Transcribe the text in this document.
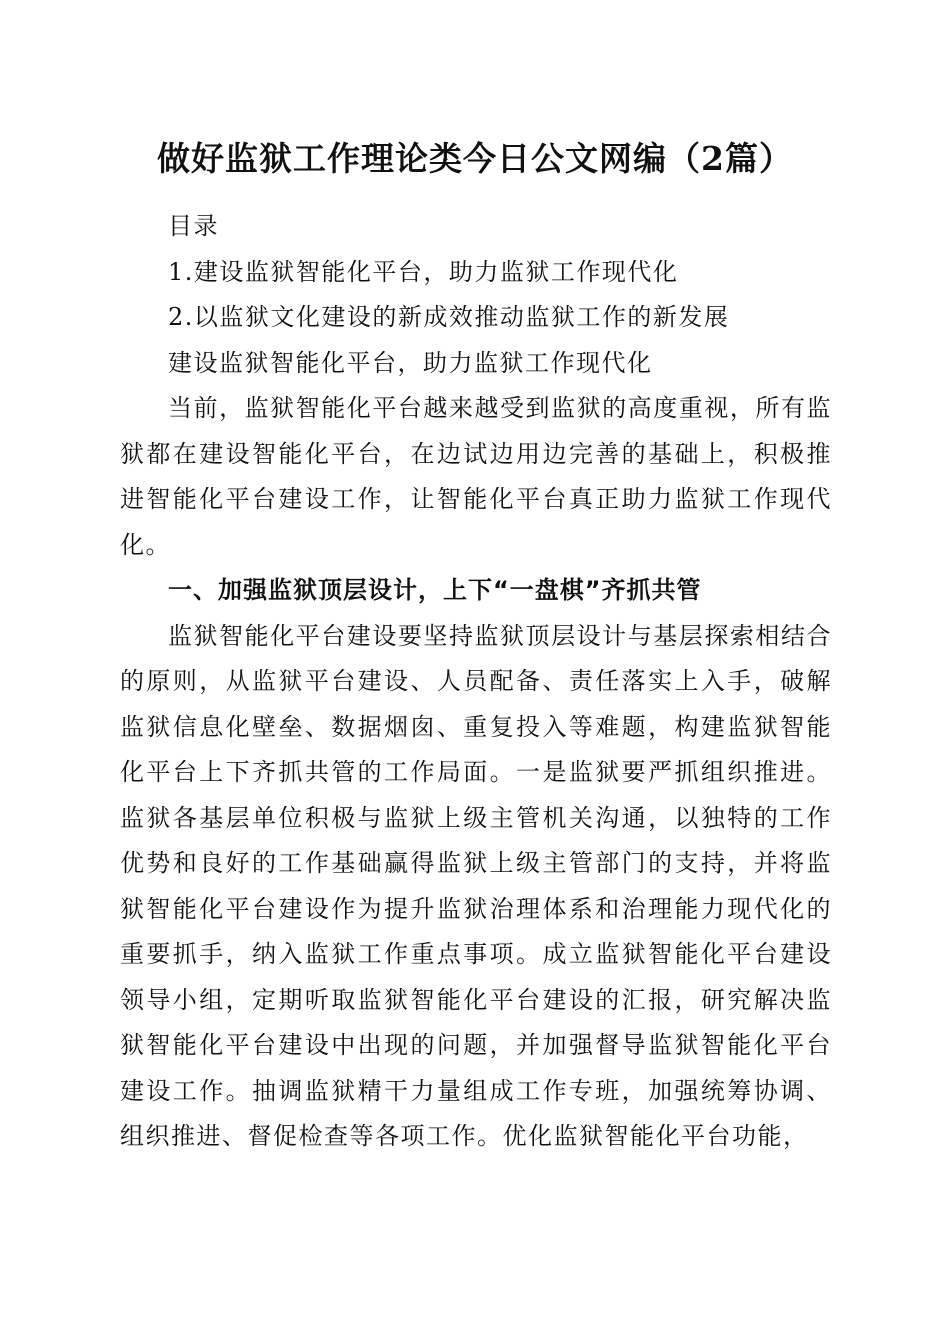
做好监狱工作理论类今日公文网编（2篇）

目录

1.建设监狱智能化平台，助力监狱工作现代化

2.以监狱文化建设的新成效推动监狱工作的新发展

建设监狱智能化平台，助力监狱工作现代化

当前，监狱智能化平台越来越受到监狱的高度重视，所有监狱都在建设智能化平台，在边试边用边完善的基础上，积极推进智能化平台建设工作，让智能化平台真正助力监狱工作现代化。

一、加强监狱顶层设计，上下“一盘棋”齐抓共管

监狱智能化平台建设要坚持监狱顶层设计与基层探索相结合的原则，从监狱平台建设、人员配备、责任落实上入手，破解监狱信息化壁垒、数据烟囱、重复投入等难题，构建监狱智能化平台上下齐抓共管的工作局面。一是监狱要严抓组织推进。监狱各基层单位积极与监狱上级主管机关沟通，以独特的工作优势和良好的工作基础赢得监狱上级主管部门的支持，并将监狱智能化平台建设作为提升监狱治理体系和治理能力现代化的重要抓手，纳入监狱工作重点事项。成立监狱智能化平台建设领导小组，定期听取监狱智能化平台建设的汇报，研究解决监狱智能化平台建设中出现的问题，并加强督导监狱智能化平台建设工作。抽调监狱精干力量组成工作专班，加强统筹协调、组织推进、督促检查等各项工作。优化监狱智能化平台功能，
